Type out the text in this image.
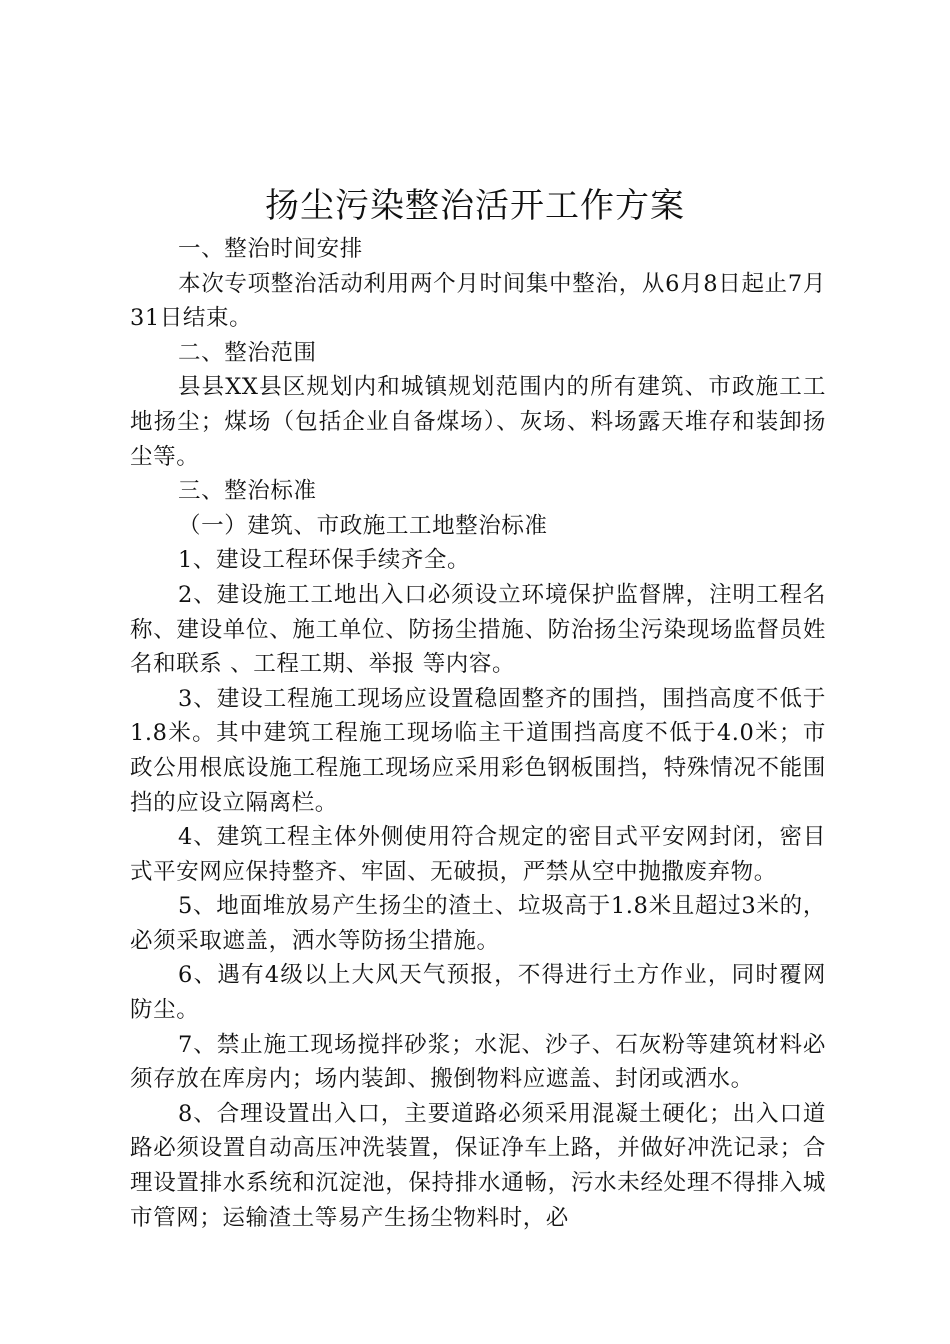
扬尘污染整治活开工作方案

一、整治时间安排

本次专项整治活动利用两个月时间集中整治，从6月8日起止7月31日结束。

二、整治范围

县县XX县区规划内和城镇规划范围内的所有建筑、市政施工工地扬尘；煤场（包括企业自备煤场）、灰场、料场露天堆存和装卸扬尘等。

三、整治标准

（一）建筑、市政施工工地整治标准

1、建设工程环保手续齐全。

2、建设施工工地出入口必须设立环境保护监督牌，注明工程名称、建设单位、施工单位、防扬尘措施、防治扬尘污染现场监督员姓名和联系 、工程工期、举报 等内容。

3、建设工程施工现场应设置稳固整齐的围挡，围挡高度不低于1.8米。其中建筑工程施工现场临主干道围挡高度不低于4.0米；市政公用根底设施工程施工现场应采用彩色钢板围挡，特殊情况不能围挡的应设立隔离栏。

4、建筑工程主体外侧使用符合规定的密目式平安网封闭，密目式平安网应保持整齐、牢固、无破损，严禁从空中抛撒废弃物。

5、地面堆放易产生扬尘的渣土、垃圾高于1.8米且超过3米的，必须采取遮盖，洒水等防扬尘措施。

6、遇有4级以上大风天气预报，不得进行土方作业，同时覆网防尘。

7、禁止施工现场搅拌砂浆；水泥、沙子、石灰粉等建筑材料必须存放在库房内；场内装卸、搬倒物料应遮盖、封闭或洒水。

8、合理设置出入口，主要道路必须采用混凝土硬化；出入口道路必须设置自动高压冲洗装置，保证净车上路，并做好冲洗记录；合理设置排水系统和沉淀池，保持排水通畅，污水未经处理不得排入城市管网；运输渣土等易产生扬尘物料时，必
